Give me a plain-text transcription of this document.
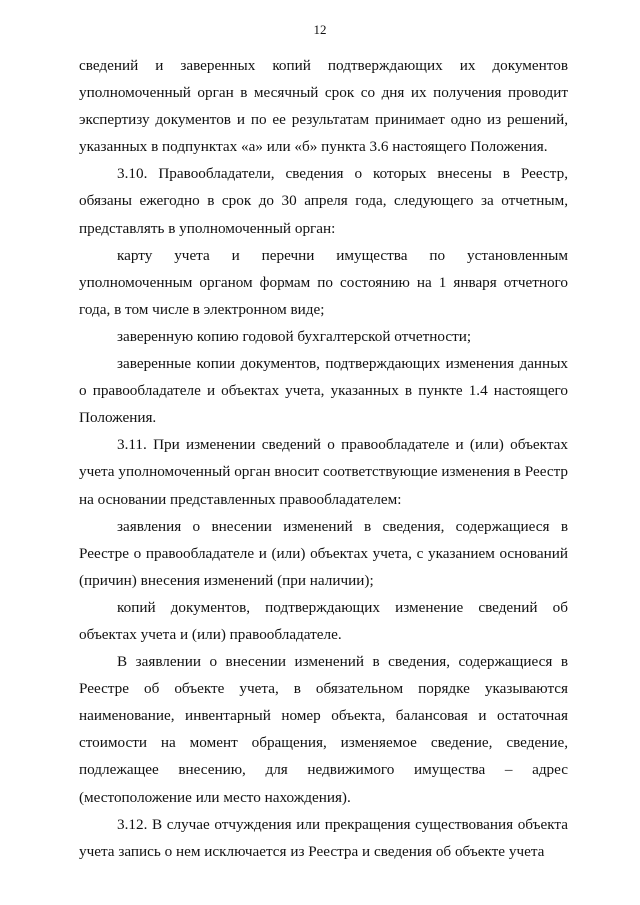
12

сведений и заверенных копий подтверждающих их документов уполномоченный орган в месячный срок со дня их получения проводит экспертизу документов и по ее результатам принимает одно из решений, указанных в подпунктах «а» или «б» пункта 3.6 настоящего Положения.

3.10. Правообладатели, сведения о которых внесены в Реестр, обязаны ежегодно в срок до 30 апреля года, следующего за отчетным, представлять в уполномоченный орган:

карту учета и перечни имущества по установленным уполномоченным органом формам по состоянию на 1 января отчетного года, в том числе в электронном виде;

заверенную копию годовой бухгалтерской отчетности;

заверенные копии документов, подтверждающих изменения данных о правообладателе и объектах учета, указанных в пункте 1.4 настоящего Положения.

3.11. При изменении сведений о правообладателе и (или) объектах учета уполномоченный орган вносит соответствующие изменения в Реестр на основании представленных правообладателем:

заявления о внесении изменений в сведения, содержащиеся в Реестре о правообладателе и (или) объектах учета, с указанием оснований (причин) внесения изменений (при наличии);

копий документов, подтверждающих изменение сведений об объектах учета и (или) правообладателе.

В заявлении о внесении изменений в сведения, содержащиеся в Реестре об объекте учета, в обязательном порядке указываются наименование, инвентарный номер объекта, балансовая и остаточная стоимости на момент обращения, изменяемое сведение, сведение, подлежащее внесению, для недвижимого имущества – адрес (местоположение или место нахождения).

3.12. В случае отчуждения или прекращения существования объекта учета запись о нем исключается из Реестра и сведения об объекте учета
